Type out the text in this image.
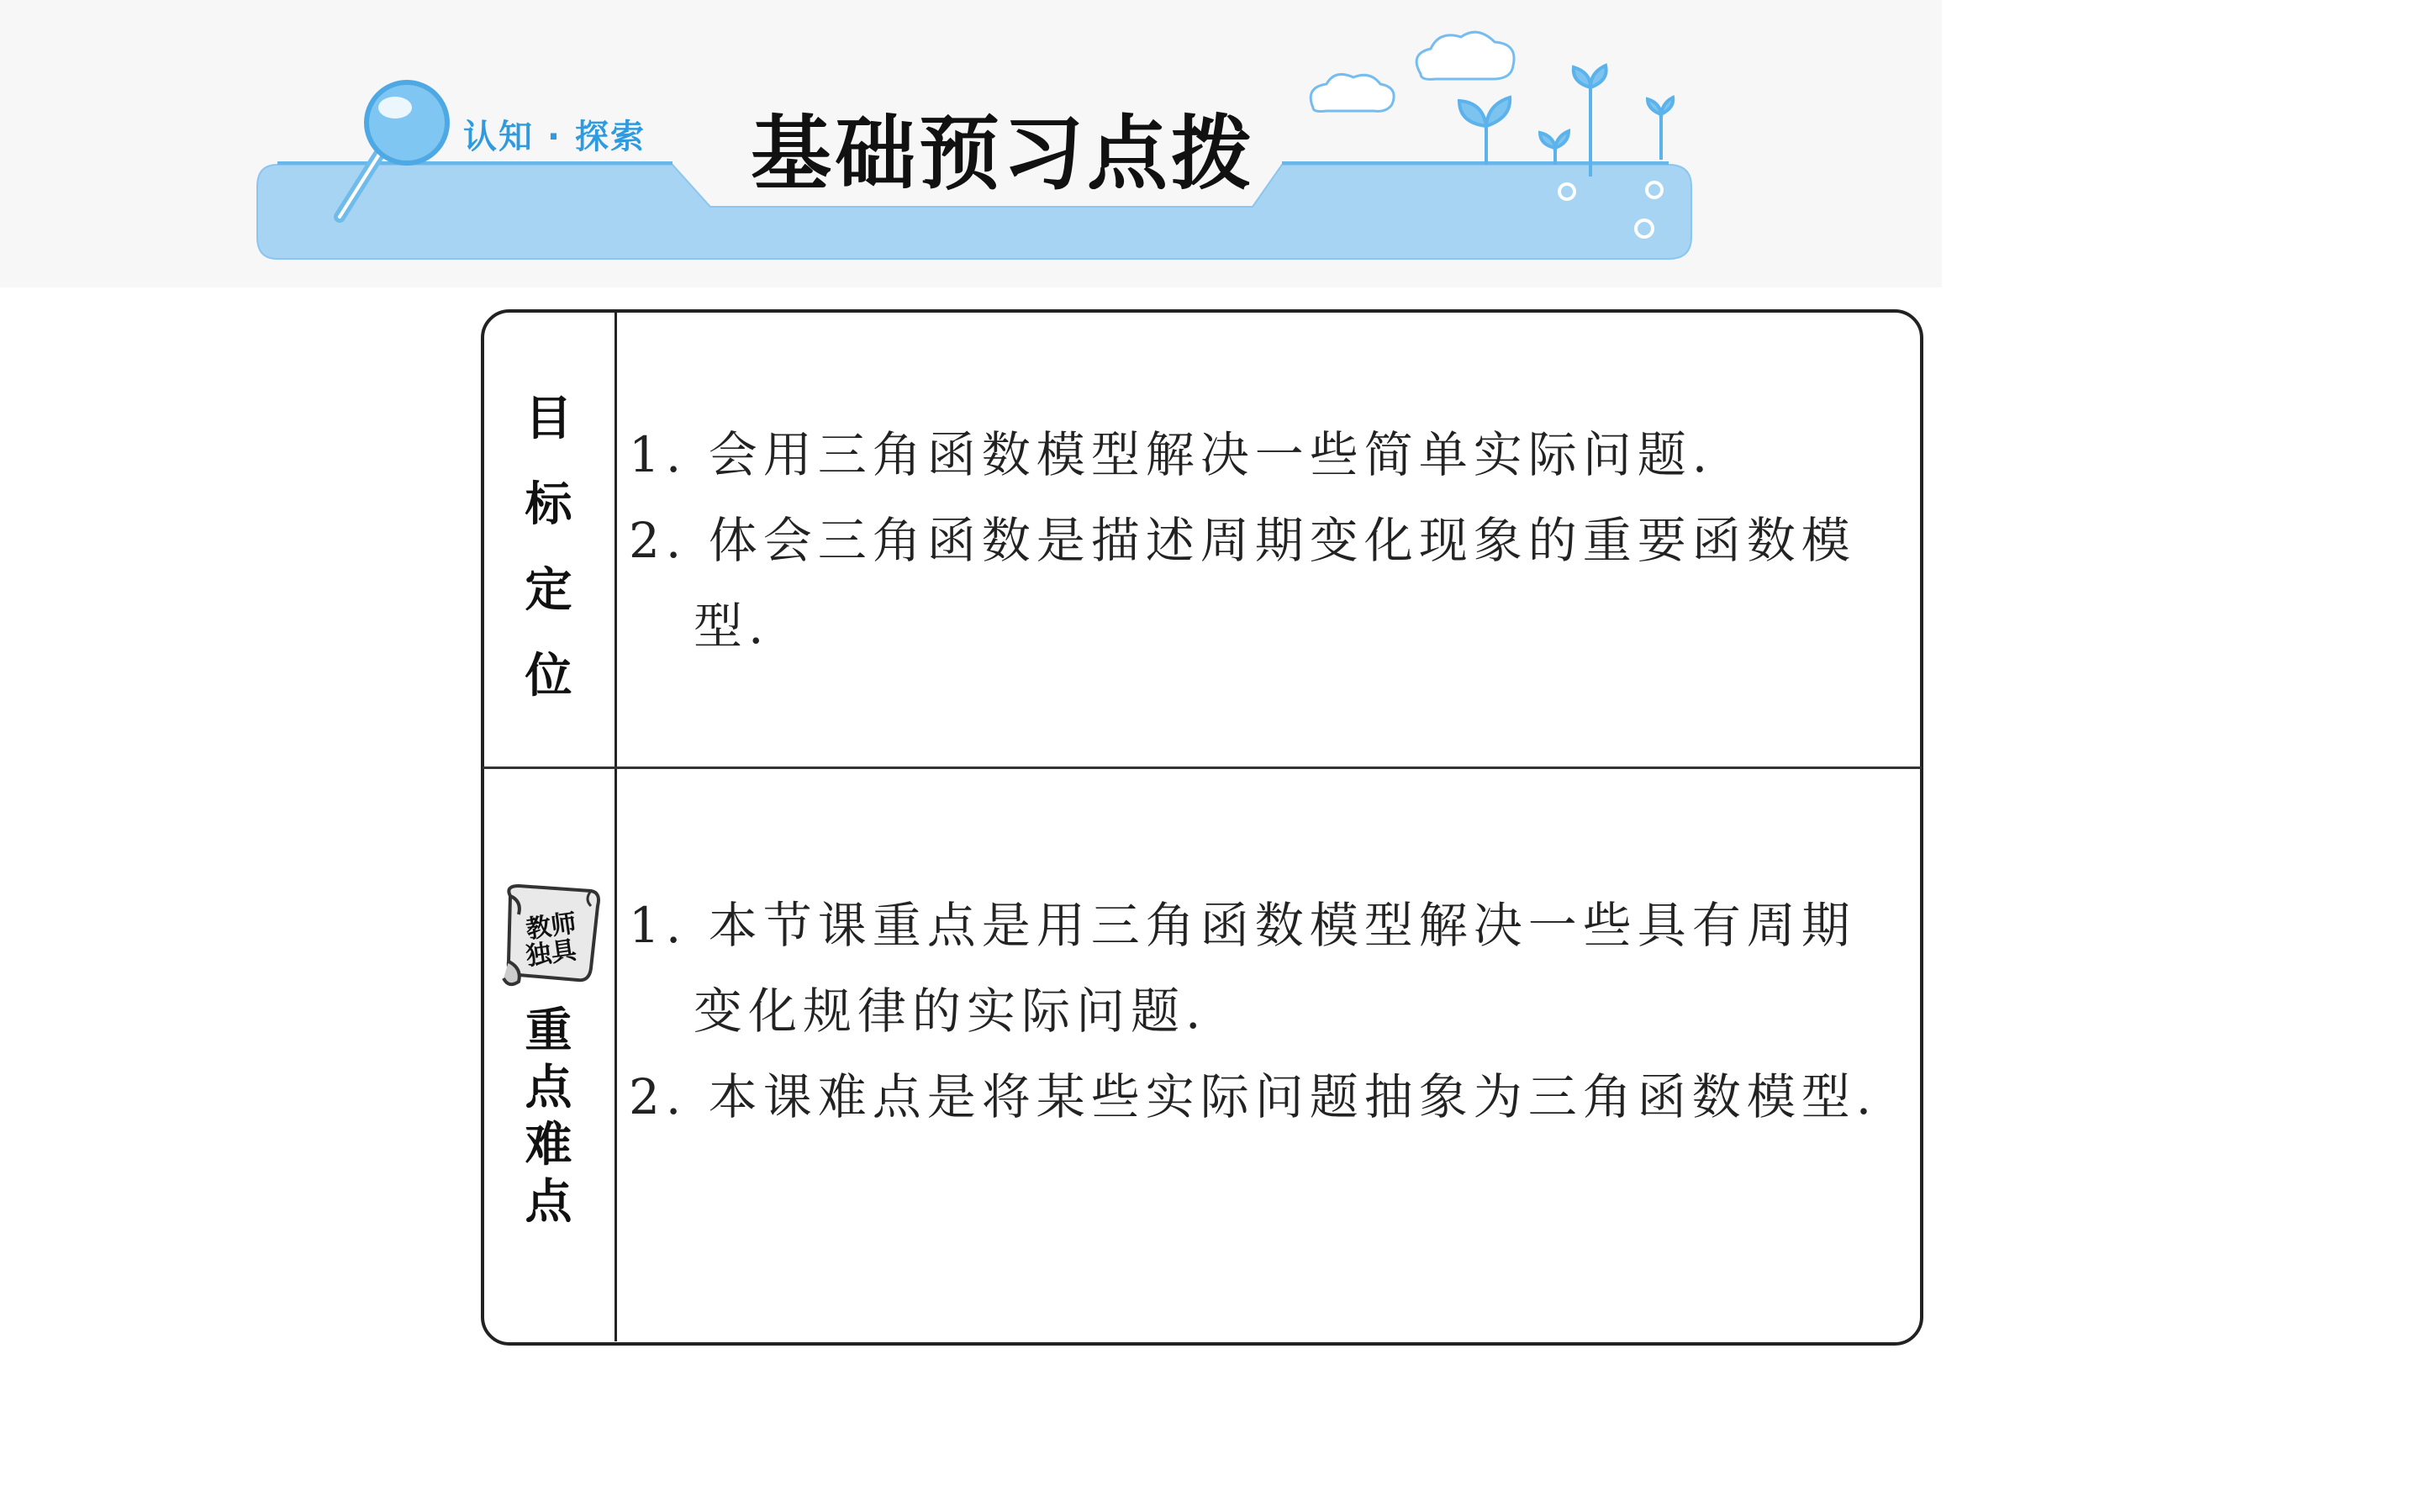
认知 · 探索 基础预习点拨
目
标
定
位
1. 会用三角函数模型解决一些简单实际问题.
2. 体会三角函数是描述周期变化现象的重要函数模型.
教师
独具
重
点
难
点
1. 本节课重点是用三角函数模型解决一些具有周期变化规律的实际问题.
2. 本课难点是将某些实际问题抽象为三角函数模型.
